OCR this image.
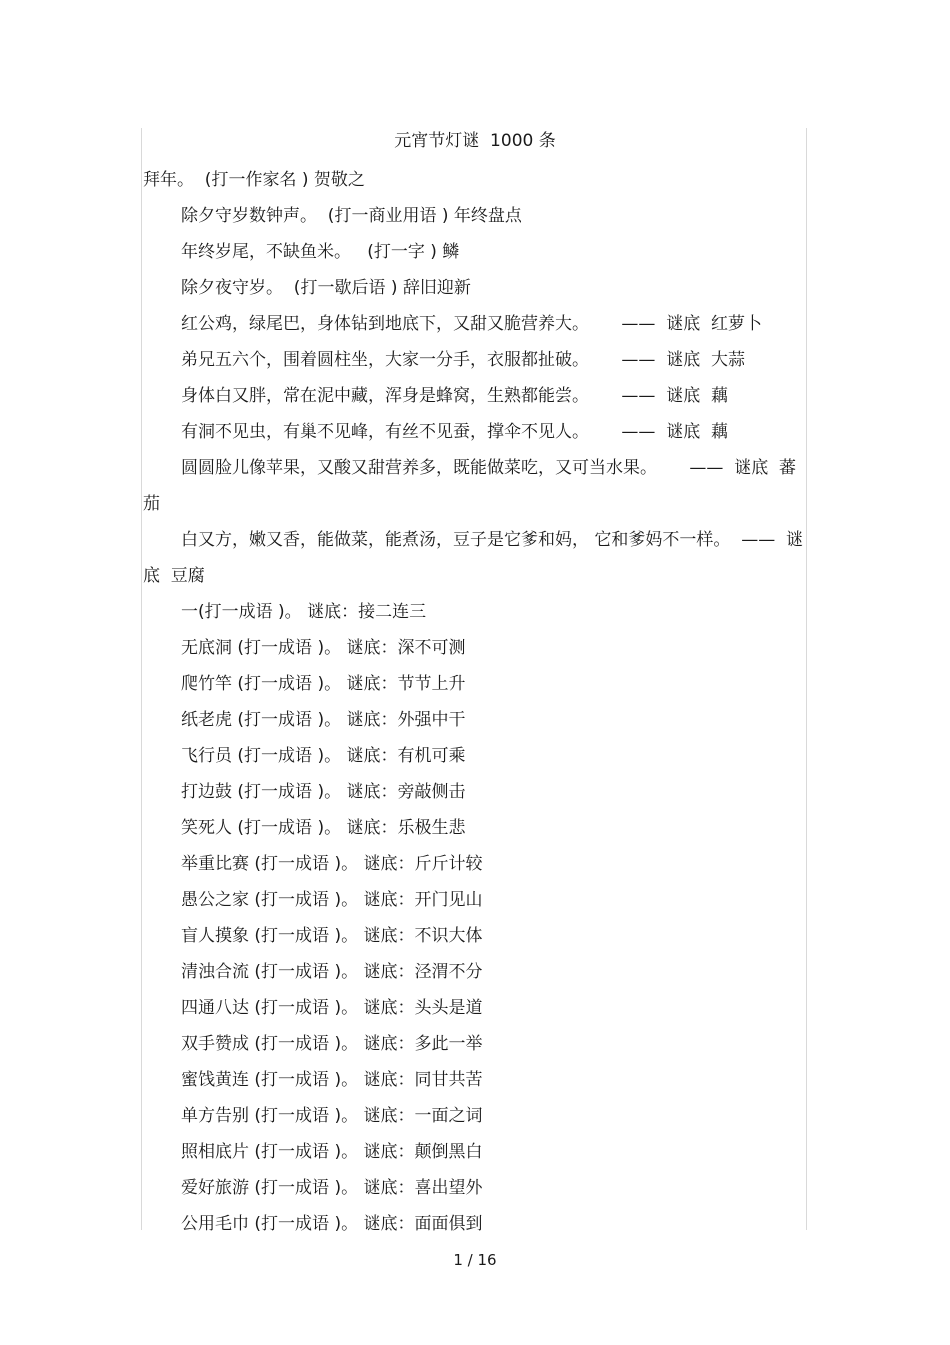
元宵节灯谜  1000 条
拜年。  (打一作家名 ) 贺敬之
除夕守岁数钟声。  (打一商业用语 ) 年终盘点
年终岁尾，不缺鱼米。   (打一字 ) 鳞
除夕夜守岁。  (打一歇后语 ) 辞旧迎新
红公鸡，绿尾巴，身体钻到地底下，又甜又脆营养大。      ——  谜底  红萝卜
弟兄五六个，围着圆柱坐，大家一分手，衣服都扯破。      ——  谜底  大蒜
身体白又胖，常在泥中藏，浑身是蜂窝，生熟都能尝。      ——  谜底  藕
有洞不见虫，有巢不见峰，有丝不见蚕，撑伞不见人。      ——  谜底  藕
圆圆脸儿像苹果，又酸又甜营养多，既能做菜吃，又可当水果。      ——  谜底  蕃茄
白又方，嫩又香，能做菜，能煮汤，豆子是它爹和妈， 它和爹妈不一样。  ——  谜底  豆腐
一(打一成语 )。 谜底：接二连三
无底洞 (打一成语 )。 谜底：深不可测
爬竹竿 (打一成语 )。 谜底：节节上升
纸老虎 (打一成语 )。 谜底：外强中干
飞行员 (打一成语 )。 谜底：有机可乘
打边鼓 (打一成语 )。 谜底：旁敲侧击
笑死人 (打一成语 )。 谜底：乐极生悲
举重比赛 (打一成语 )。 谜底：斤斤计较
愚公之家 (打一成语 )。 谜底：开门见山
盲人摸象 (打一成语 )。 谜底：不识大体
清浊合流 (打一成语 )。 谜底：泾渭不分
四通八达 (打一成语 )。 谜底：头头是道
双手赞成 (打一成语 )。 谜底：多此一举
蜜饯黄连 (打一成语 )。 谜底：同甘共苦
单方告别 (打一成语 )。 谜底：一面之词
照相底片 (打一成语 )。 谜底：颠倒黑白
爱好旅游 (打一成语 )。 谜底：喜出望外
公用毛巾 (打一成语 )。 谜底：面面俱到
1 / 16
